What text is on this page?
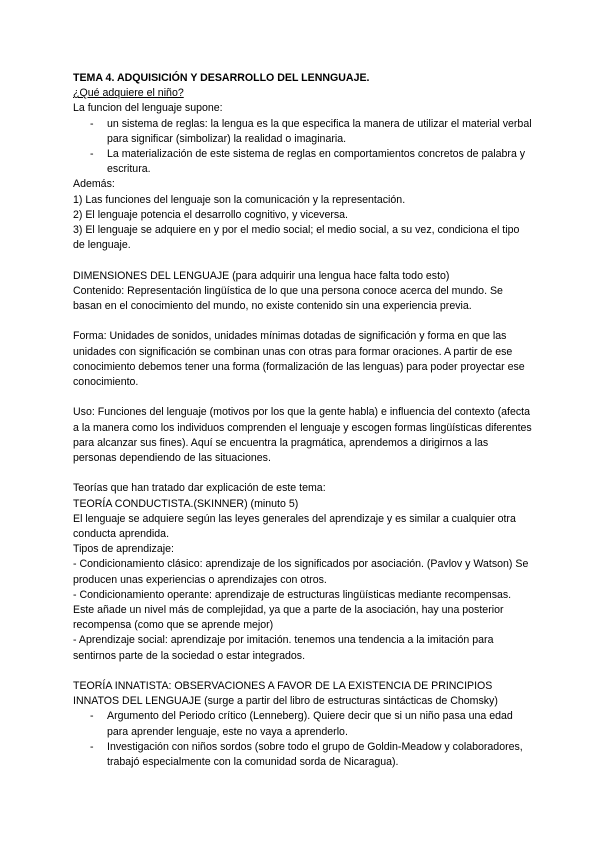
TEMA 4. ADQUISICIÓN Y DESARROLLO DEL LENNGUAJE.

¿Qué adquiere el niño?

La funcion del lenguaje supone:

- un sistema de reglas: la lengua es la que especifica la manera de utilizar el material verbal para significar (simbolizar) la realidad o imaginaria.
- La materialización de este sistema de reglas en comportamientos concretos de palabra y escritura.

Además:

1) Las funciones del lenguaje son la comunicación y la representación.

2) El lenguaje potencia el desarrollo cognitivo, y viceversa.

3) El lenguaje se adquiere en y por el medio social; el medio social, a su vez, condiciona el tipo de lenguaje.

DIMENSIONES DEL LENGUAJE (para adquirir una lengua hace falta todo esto)

Contenido: Representación lingüística de lo que una persona conoce acerca del mundo. Se basan en el conocimiento del mundo, no existe contenido sin una experiencia previa.

Forma: Unidades de sonidos, unidades mínimas dotadas de significación y forma en que las unidades con significación se combinan unas con otras para formar oraciones. A partir de ese conocimiento debemos tener una forma (formalización de las lenguas) para poder proyectar ese conocimiento.

Uso: Funciones del lenguaje (motivos por los que la gente habla) e influencia del contexto (afecta a la manera como los individuos comprenden el lenguaje y escogen formas lingüísticas diferentes para alcanzar sus fines). Aquí se encuentra la pragmática, aprendemos a dirigirnos a las personas dependiendo de las situaciones.

Teorías que han tratado dar explicación de este tema:

TEORÍA CONDUCTISTA.(SKINNER) (minuto 5)

El lenguaje se adquiere según las leyes generales del aprendizaje y es similar a cualquier otra conducta aprendida.

Tipos de aprendizaje:

- Condicionamiento clásico: aprendizaje de los significados por asociación. (Pavlov y Watson) Se producen unas experiencias o aprendizajes con otros.

- Condicionamiento operante: aprendizaje de estructuras lingüísticas mediante recompensas. Este añade un nivel más de complejidad, ya que a parte de la asociación, hay una posterior recompensa (como que se aprende mejor)

- Aprendizaje social: aprendizaje por imitación. tenemos una tendencia a la imitación para sentirnos parte de la sociedad o estar integrados.

TEORÍA INNATISTA: OBSERVACIONES A FAVOR DE LA EXISTENCIA DE PRINCIPIOS INNATOS DEL LENGUAJE (surge a partir del libro de estructuras sintácticas de Chomsky)

- Argumento del Periodo crítico (Lenneberg). Quiere decir que si un niño pasa una edad para aprender lenguaje, este no vaya a aprenderlo.
- Investigación con niños sordos (sobre todo el grupo de Goldin-Meadow y colaboradores, trabajó especialmente con la comunidad sorda de Nicaragua).
